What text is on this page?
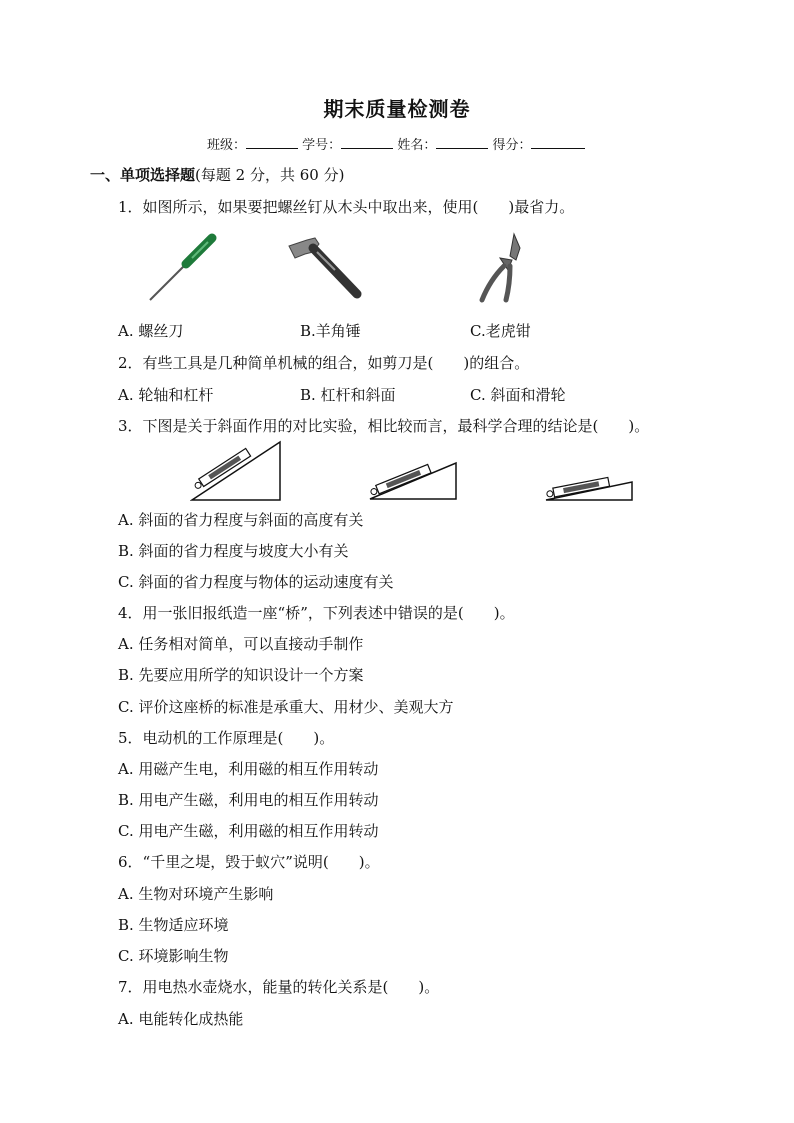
期末质量检测卷
班级：	学号：	姓名：	得分：
一、单项选择题(每题 2 分，共 60 分)
1．如图所示，如果要把螺丝钉从木头中取出来，使用(　　)最省力。
A. 螺丝刀	B.羊角锤	C.老虎钳
2．有些工具是几种简单机械的组合，如剪刀是(　　)的组合。
A. 轮轴和杠杆	B. 杠杆和斜面	C. 斜面和滑轮
3．下图是关于斜面作用的对比实验，相比较而言，最科学合理的结论是(　　)。
A. 斜面的省力程度与斜面的高度有关
B. 斜面的省力程度与坡度大小有关
C. 斜面的省力程度与物体的运动速度有关
4．用一张旧报纸造一座“桥”，下列表述中错误的是(　　)。
A. 任务相对简单，可以直接动手制作
B. 先要应用所学的知识设计一个方案
C. 评价这座桥的标准是承重大、用材少、美观大方
5．电动机的工作原理是(　　)。
A. 用磁产生电，利用磁的相互作用转动
B. 用电产生磁，利用电的相互作用转动
C. 用电产生磁，利用磁的相互作用转动
6．“千里之堤，毁于蚁穴”说明(　　)。
A. 生物对环境产生影响
B. 生物适应环境
C. 环境影响生物
7．用电热水壶烧水，能量的转化关系是(　　)。
A. 电能转化成热能
